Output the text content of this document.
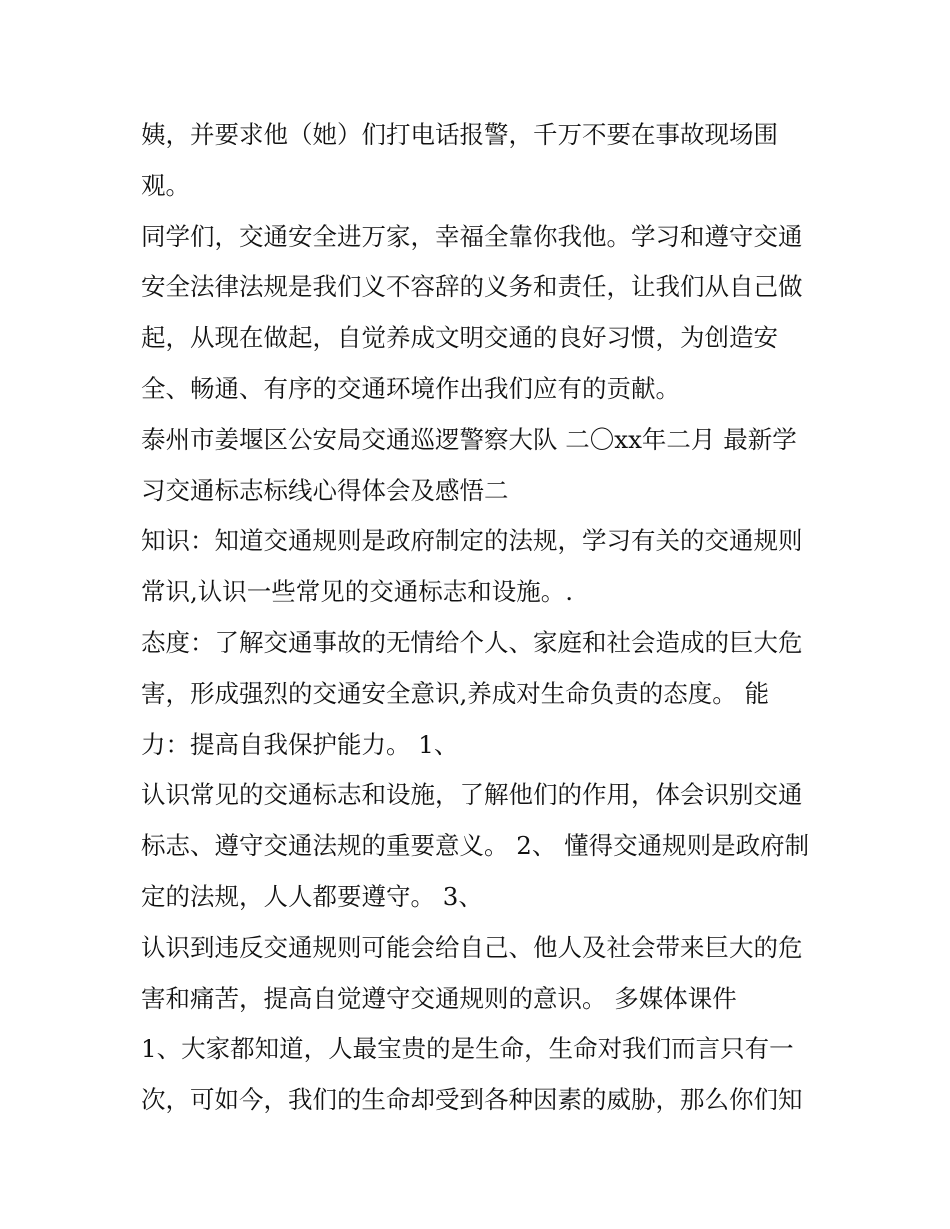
姨，并要求他（她）们打电话报警，千万不要在事故现场围
观。
同学们，交通安全进万家，幸福全靠你我他。学习和遵守交通
安全法律法规是我们义不容辞的义务和责任，让我们从自己做
起，从现在做起，自觉养成文明交通的良好习惯，为创造安
全、畅通、有序的交通环境作出我们应有的贡献。
泰州市姜堰区公安局交通巡逻警察大队 二〇xx年二月 最新学
习交通标志标线心得体会及感悟二
知识：知道交通规则是政府制定的法规，学习有关的交通规则
常识,认识一些常见的交通标志和设施。.
态度：了解交通事故的无情给个人、家庭和社会造成的巨大危
害，形成强烈的交通安全意识,养成对生命负责的态度。 能
力：提高自我保护能力。 1、
认识常见的交通标志和设施，了解他们的作用，体会识别交通
标志、遵守交通法规的重要意义。 2、 懂得交通规则是政府制
定的法规，人人都要遵守。 3、
认识到违反交通规则可能会给自己、他人及社会带来巨大的危
害和痛苦，提高自觉遵守交通规则的意识。 多媒体课件
1、大家都知道，人最宝贵的是生命，生命对我们而言只有一
次，可如今，我们的生命却受到各种因素的威胁，那么你们知
